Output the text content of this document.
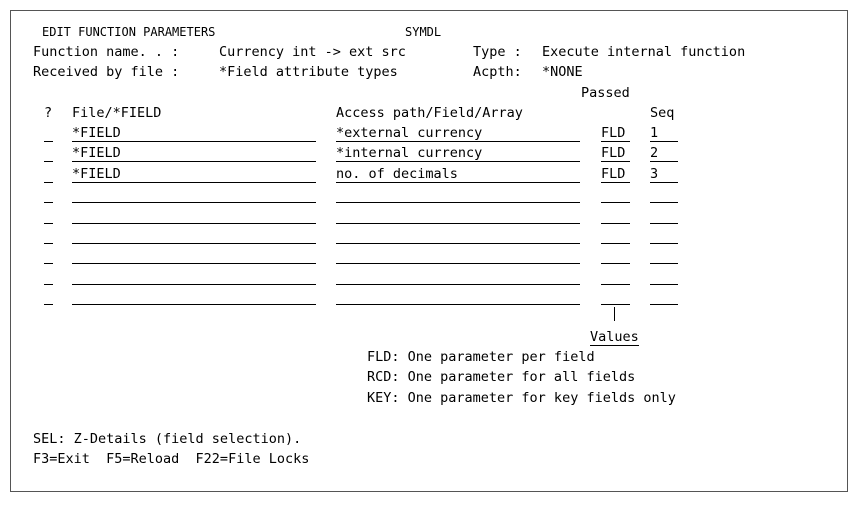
EDIT FUNCTION PARAMETERS	SYMDL
Function name. . :	Currency int -> ext src	Type : Execute internal function
Received by file :	*Field attribute types	Acpth: *NONE
Passed
? File/*FIELD	Access path/Field/Array	Seq
*FIELD	*external currency	FLD	1
*FIELD	*internal currency	FLD	2
*FIELD	no. of decimals	FLD	3
Values
FLD: One parameter per field
RCD: One parameter for all fields
KEY: One parameter for key fields only
SEL: Z-Details (field selection).
F3=Exit  F5=Reload  F22=File Locks
